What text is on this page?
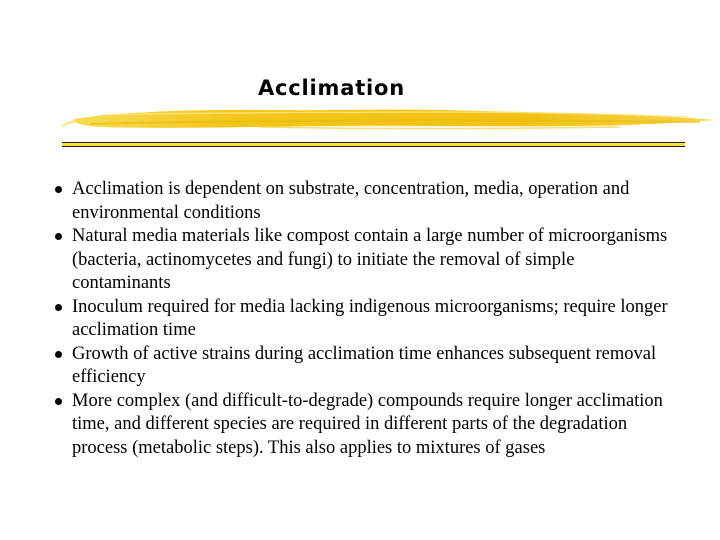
Acclimation
Acclimation is dependent on substrate, concentration, media, operation and environmental conditions
Natural media materials like compost contain a large number of microorganisms (bacteria, actinomycetes and fungi) to initiate the removal of simple contaminants
Inoculum required for media lacking indigenous microorganisms; require longer acclimation time
Growth of active strains during acclimation time enhances subsequent removal efficiency
More complex (and difficult-to-degrade) compounds require longer acclimation time, and different species are required in different parts of the degradation process (metabolic steps). This also applies to mixtures of gases
